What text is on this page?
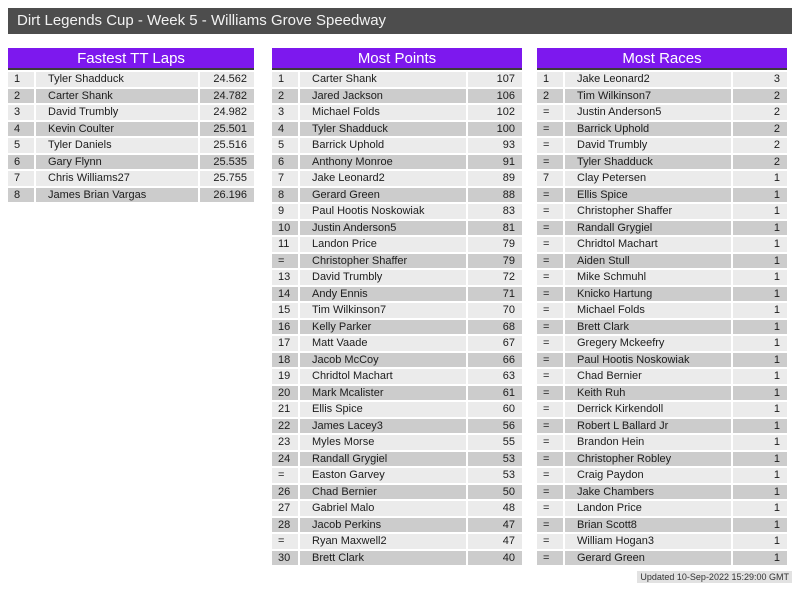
Dirt Legends Cup - Week 5 - Williams Grove Speedway
Fastest TT Laps
1	Tyler Shadduck	24.562
2	Carter Shank	24.782
3	David Trumbly	24.982
4	Kevin Coulter	25.501
5	Tyler Daniels	25.516
6	Gary Flynn	25.535
7	Chris Williams27	25.755
8	James Brian Vargas	26.196
Most Points
1	Carter Shank	107
2	Jared Jackson	106
3	Michael Folds	102
4	Tyler Shadduck	100
5	Barrick Uphold	93
6	Anthony Monroe	91
7	Jake Leonard2	89
8	Gerard Green	88
9	Paul Hootis Noskowiak	83
10	Justin Anderson5	81
11	Landon Price	79
=	Christopher Shaffer	79
13	David Trumbly	72
14	Andy Ennis	71
15	Tim Wilkinson7	70
16	Kelly Parker	68
17	Matt Vaade	67
18	Jacob McCoy	66
19	Chridtol Machart	63
20	Mark Mcalister	61
21	Ellis Spice	60
22	James Lacey3	56
23	Myles Morse	55
24	Randall Grygiel	53
=	Easton Garvey	53
26	Chad Bernier	50
27	Gabriel Malo	48
28	Jacob Perkins	47
=	Ryan Maxwell2	47
30	Brett Clark	40
Most Races
1	Jake Leonard2	3
2	Tim Wilkinson7	2
=	Justin Anderson5	2
=	Barrick Uphold	2
=	David Trumbly	2
=	Tyler Shadduck	2
7	Clay Petersen	1
=	Ellis Spice	1
=	Christopher Shaffer	1
=	Randall Grygiel	1
=	Chridtol Machart	1
=	Aiden Stull	1
=	Mike Schmuhl	1
=	Knicko Hartung	1
=	Michael Folds	1
=	Brett Clark	1
=	Gregery Mckeefry	1
=	Paul Hootis Noskowiak	1
=	Chad Bernier	1
=	Keith Ruh	1
=	Derrick Kirkendoll	1
=	Robert L Ballard Jr	1
=	Brandon Hein	1
=	Christopher Robley	1
=	Craig Paydon	1
=	Jake Chambers	1
=	Landon Price	1
=	Brian Scott8	1
=	William Hogan3	1
=	Gerard Green	1
Updated 10-Sep-2022 15:29:00 GMT
